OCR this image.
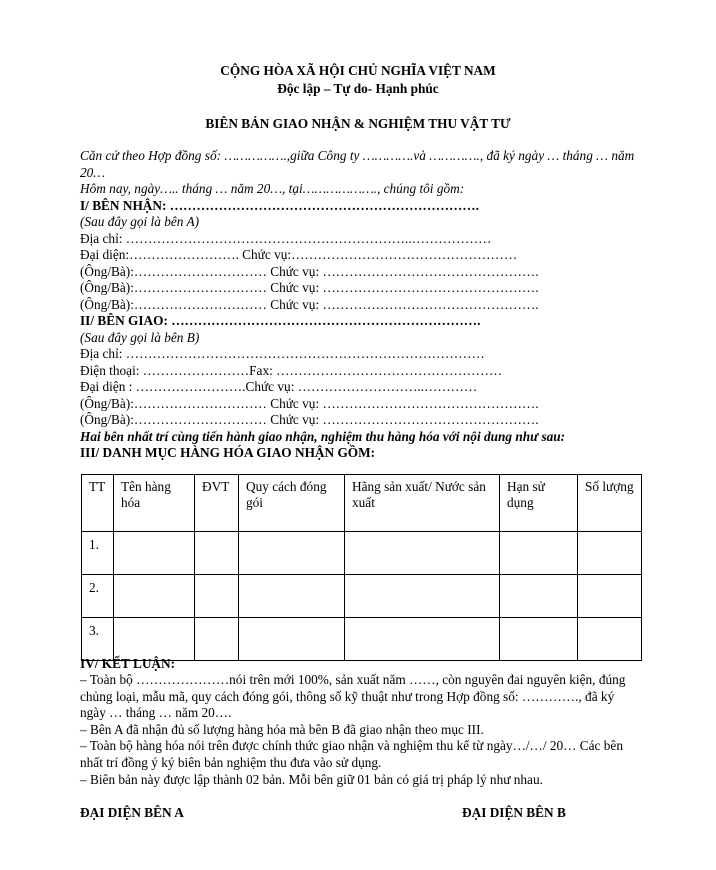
CỘNG HÒA XÃ HỘI CHỦ NGHĨA VIỆT NAM
Độc lập – Tự do- Hạnh phúc
BIÊN BẢN GIAO NHẬN & NGHIỆM THU VẬT TƯ
Căn cứ theo Hợp đồng số: …………….,giữa Công ty ………….và …………., đã ký ngày … tháng … năm 20…
Hôm nay, ngày….. tháng … năm 20…, tại………………., chúng tôi gồm:
I/ BÊN NHẬN: …………………………………………………………….
(Sau đây gọi là bên A)
Địa chỉ: ………………………………………………………..………………
Đại diện:……………………. Chức vụ:……………………………………………
(Ông/Bà):………………………… Chức vụ: ………………………………………….
(Ông/Bà):………………………… Chức vụ: ………………………………………….
(Ông/Bà):………………………… Chức vụ: ………………………………………….
II/ BÊN GIAO: …………………………………………………………….
(Sau đây gọi là bên B)
Địa chỉ: ………………………………………………………………………
Điện thoại: ……………………Fax: ……………………………………………
Đại diện : …………………….Chức vụ: ………………………..…………
(Ông/Bà):………………………… Chức vụ: ………………………………………….
(Ông/Bà):………………………… Chức vụ: ………………………………………….
Hai bên nhất trí cùng tiến hành giao nhận, nghiệm thu hàng hóa với nội dung như sau:
III/ DANH MỤC HÀNG HÓA GIAO NHẬN GỒM:
TT	Tên hàng hóa	ĐVT	Quy cách đóng gói	Hãng sản xuất/ Nước sản xuất	Hạn sử dụng	Số lượng
1.						
2.						
3.						
IV/ KẾT LUẬN:
– Toàn bộ …………………nói trên mới 100%, sản xuất năm ……, còn nguyên đai nguyên kiện, đúng chủng loại, mẫu mã, quy cách đóng gói, thông số kỹ thuật như trong Hợp đồng số: …………., đã ký ngày … tháng … năm 20….
– Bên A đã nhận đủ số lượng hàng hóa mà bên B đã giao nhận theo mục III.
– Toàn bộ hàng hóa nói trên được chính thức giao nhận và nghiệm thu kể từ ngày…/…/ 20… Các bên nhất trí đồng ý ký biên bản nghiệm thu đưa vào sử dụng.
– Biên bản này được lập thành 02 bản. Mỗi bên giữ 01 bản có giá trị pháp lý như nhau.
ĐẠI DIỆN BÊN A	ĐẠI DIỆN BÊN B
